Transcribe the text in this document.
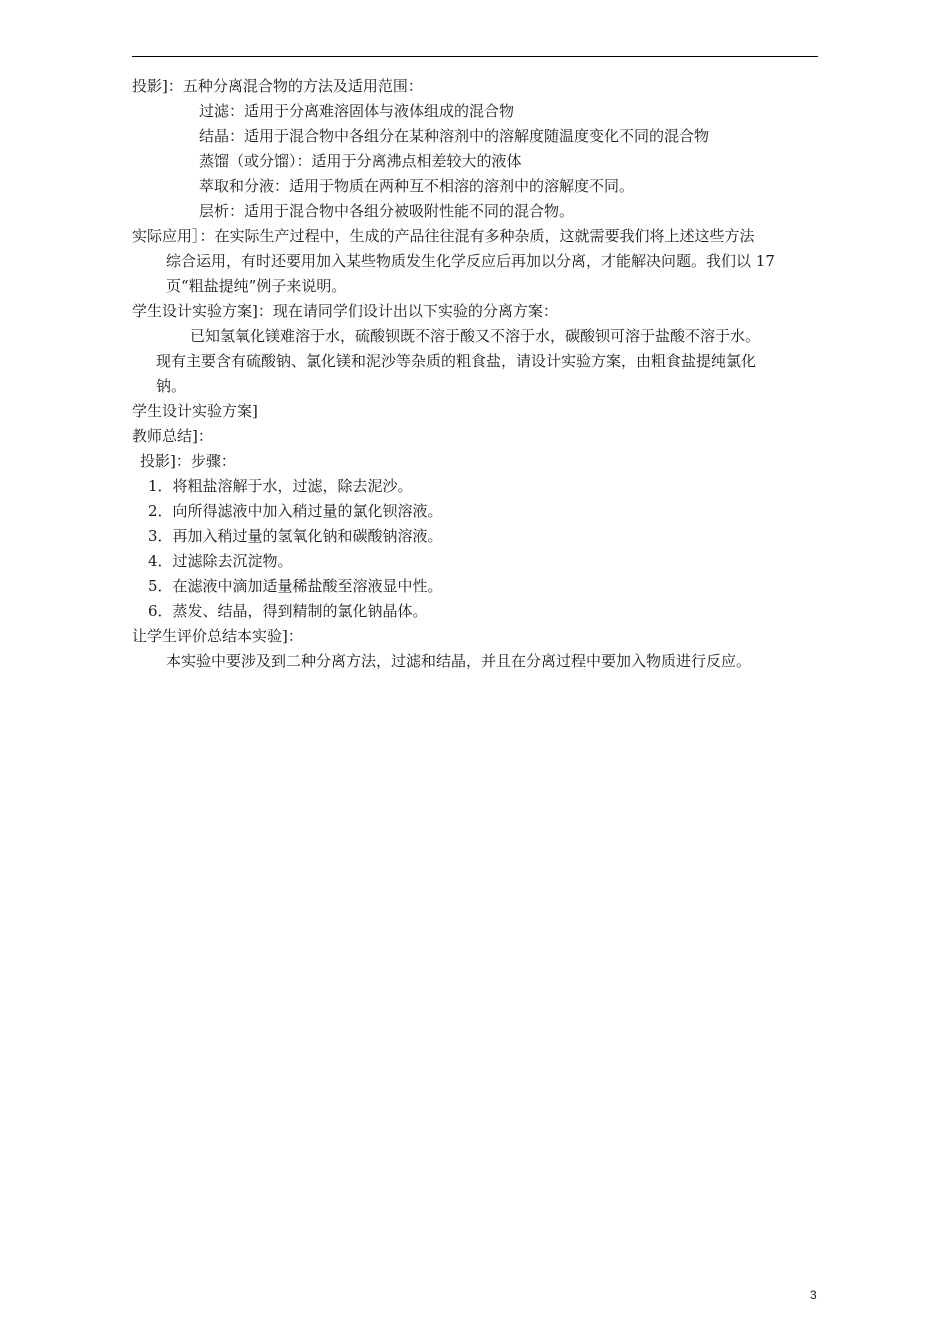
投影]：五种分离混合物的方法及适用范围：
过滤：适用于分离难溶固体与液体组成的混合物
结晶：适用于混合物中各组分在某种溶剂中的溶解度随温度变化不同的混合物
蒸馏（或分馏）：适用于分离沸点相差较大的液体
萃取和分液：适用于物质在两种互不相溶的溶剂中的溶解度不同。
层析：适用于混合物中各组分被吸附性能不同的混合物。
实际应用］：在实际生产过程中，生成的产品往往混有多种杂质，这就需要我们将上述这些方法
综合运用，有时还要用加入某些物质发生化学反应后再加以分离，才能解决问题。我们以 17
页“粗盐提纯”例子来说明。
学生设计实验方案]：现在请同学们设计出以下实验的分离方案：
已知氢氧化镁难溶于水，硫酸钡既不溶于酸又不溶于水，碳酸钡可溶于盐酸不溶于水。
现有主要含有硫酸钠、氯化镁和泥沙等杂质的粗食盐，请设计实验方案，由粗食盐提纯氯化
钠。
学生设计实验方案]
教师总结]：
投影]：步骤：
1．将粗盐溶解于水，过滤，除去泥沙。
2．向所得滤液中加入稍过量的氯化钡溶液。
3．再加入稍过量的氢氧化钠和碳酸钠溶液。
4．过滤除去沉淀物。
5．在滤液中滴加适量稀盐酸至溶液显中性。
6．蒸发、结晶，得到精制的氯化钠晶体。
让学生评价总结本实验]：
本实验中要涉及到二种分离方法，过滤和结晶，并且在分离过程中要加入物质进行反应。
3
